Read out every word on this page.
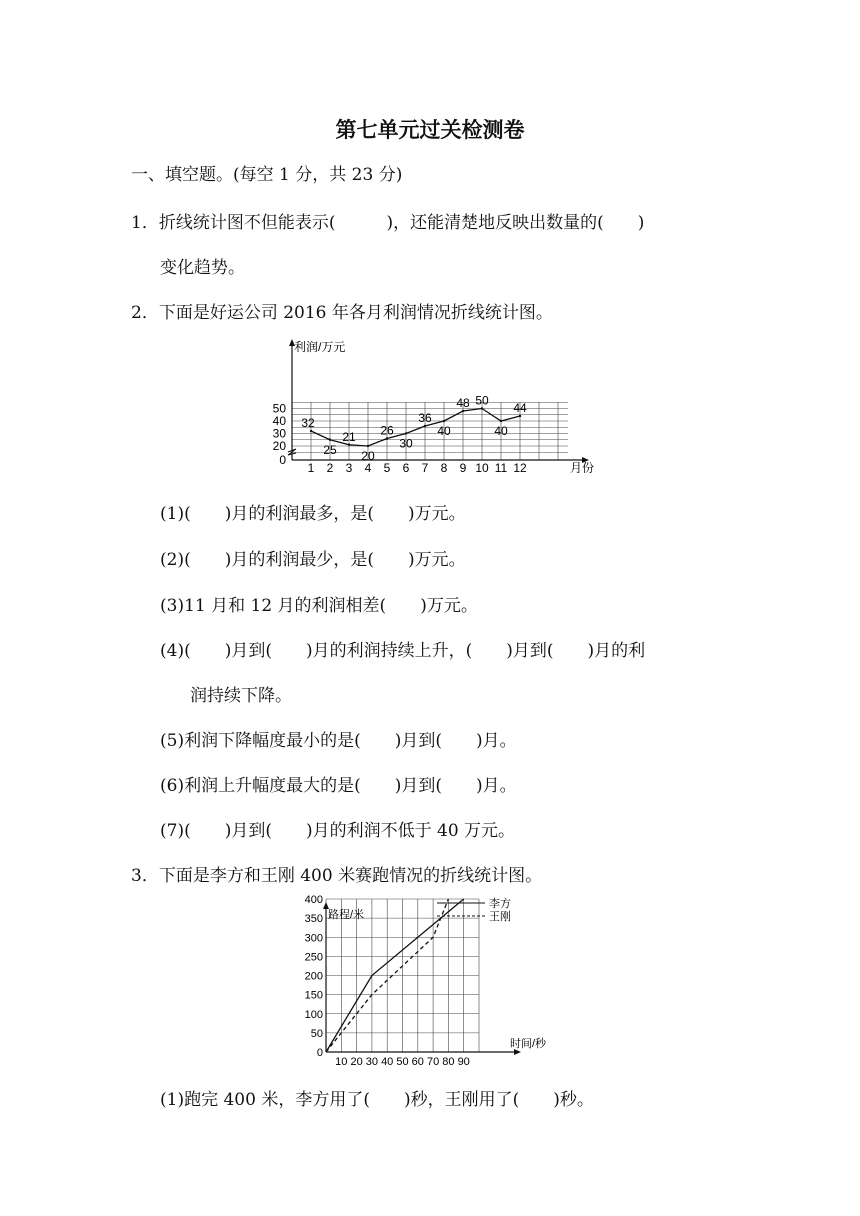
第七单元过关检测卷
一、填空题。(每空 1 分，共 23 分)
1．折线统计图不但能表示(　　　)，还能清楚地反映出数量的(　　)
变化趋势。
2．下面是好运公司 2016 年各月利润情况折线统计图。
利润/万元
月份
0
20
30
40
50
1 2 3 4 5 6 7 8 9 10 11 12
32
25
21
20
26
30
36
40
48 50
40
44
(1)(　　)月的利润最多，是(　　)万元。
(2)(　　)月的利润最少，是(　　)万元。
(3)11 月和 12 月的利润相差(　　)万元。
(4)(　　)月到(　　)月的利润持续上升，(　　)月到(　　)月的利
润持续下降。
(5)利润下降幅度最小的是(　　)月到(　　)月。
(6)利润上升幅度最大的是(　　)月到(　　)月。
(7)(　　)月到(　　)月的利润不低于 40 万元。
3．下面是李方和王刚 400 米赛跑情况的折线统计图。
路程/米
时间/秒
0
50
100
150
200
250
300
350
400
10 20 30 40 50 60 70 80 90
李方
王刚
(1)跑完 400 米，李方用了(　　)秒，王刚用了(　　)秒。
